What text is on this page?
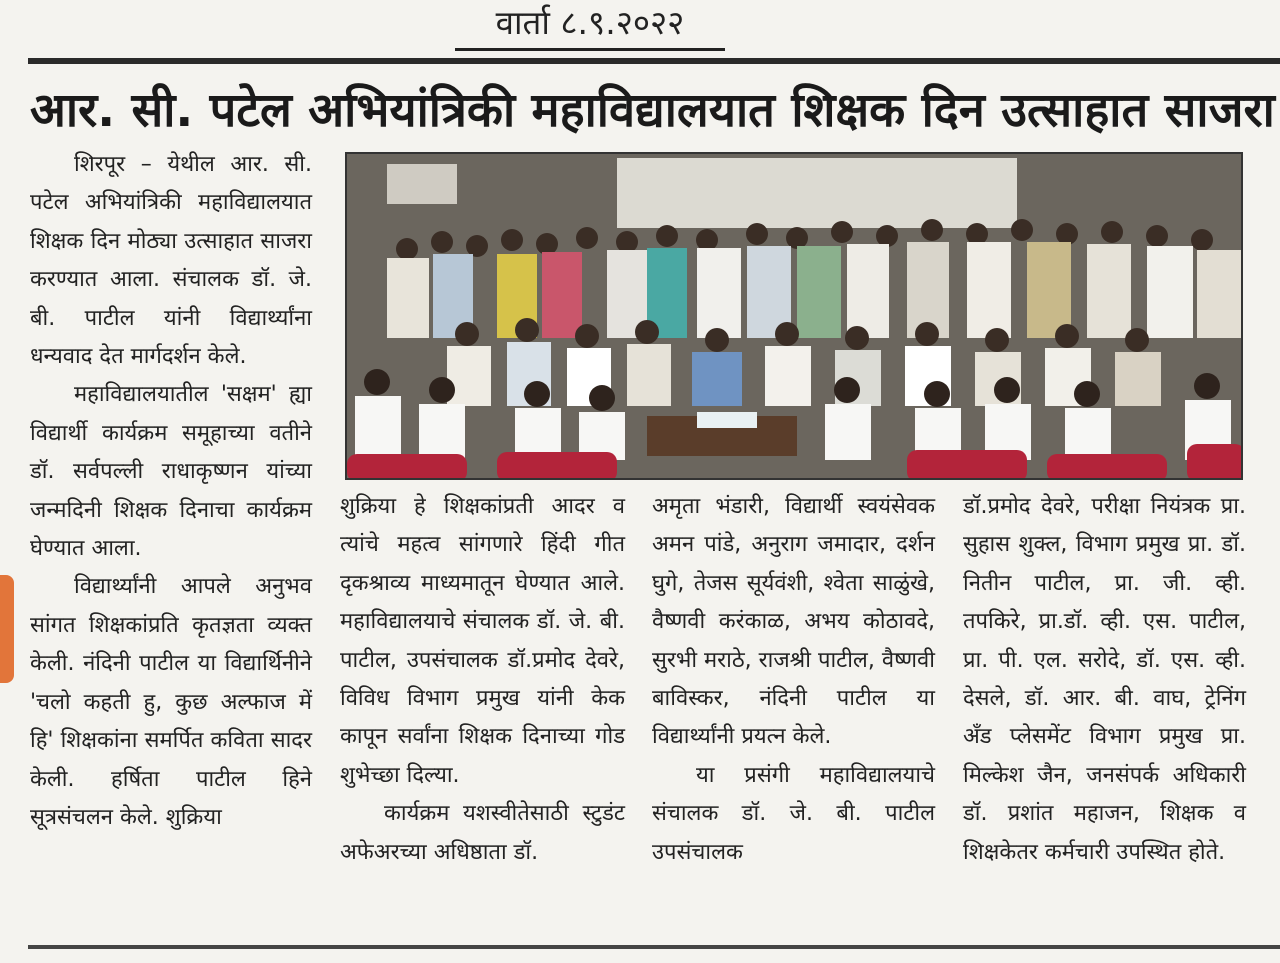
वार्ता ८.९.२०२२
आर. सी. पटेल अभियांत्रिकी महाविद्यालयात शिक्षक दिन उत्साहात साजरा

शिरपूर – येथील आर. सी. पटेल अभियांत्रिकी महाविद्यालयात शिक्षक दिन मोठ्या उत्साहात साजरा करण्यात आला. संचालक डॉ. जे. बी. पाटील यांनी विद्यार्थ्यांना धन्यवाद देत मार्गदर्शन केले.

महाविद्यालयातील 'सक्षम' ह्या विद्यार्थी कार्यक्रम समूहाच्या वतीने डॉ. सर्वपल्ली राधाकृष्णन यांच्या जन्मदिनी शिक्षक दिनाचा कार्यक्रम घेण्यात आला.

विद्यार्थ्यांनी आपले अनुभव सांगत शिक्षकांप्रति कृतज्ञता व्यक्त केली. नंदिनी पाटील या विद्यार्थिनीने 'चलो कहती हु, कुछ अल्फाज में हि' शिक्षकांना समर्पित कविता सादर केली. हर्षिता पाटील हिने सूत्रसंचलन केले. शुक्रिया

शुक्रिया हे शिक्षकांप्रती आदर व त्यांचे महत्व सांगणारे हिंदी गीत दृकश्राव्य माध्यमातून घेण्यात आले. महाविद्यालयाचे संचालक डॉ. जे. बी. पाटील, उपसंचालक डॉ.प्रमोद देवरे, विविध विभाग प्रमुख यांनी केक कापून सर्वांना शिक्षक दिनाच्या गोड शुभेच्छा दिल्या.

कार्यक्रम यशस्वीतेसाठी स्टुडंट अफेअरच्या अधिष्ठाता डॉ.

अमृता भंडारी, विद्यार्थी स्वयंसेवक अमन पांडे, अनुराग जमादार, दर्शन घुगे, तेजस सूर्यवंशी, श्वेता साळुंखे, वैष्णवी करंकाळ, अभय कोठावदे, सुरभी मराठे, राजश्री पाटील, वैष्णवी बाविस्कर, नंदिनी पाटील या विद्यार्थ्यांनी प्रयत्न केले.

या प्रसंगी महाविद्यालयाचे संचालक डॉ. जे. बी. पाटील उपसंचालक

डॉ.प्रमोद देवरे, परीक्षा नियंत्रक प्रा. सुहास शुक्ल, विभाग प्रमुख प्रा. डॉ. नितीन पाटील, प्रा. जी. व्ही. तपकिरे, प्रा.डॉ. व्ही. एस. पाटील, प्रा. पी. एल. सरोदे, डॉ. एस. व्ही. देसले, डॉ. आर. बी. वाघ, ट्रेनिंग अँड प्लेसमेंट विभाग प्रमुख प्रा. मिल्केश जैन, जनसंपर्क अधिकारी डॉ. प्रशांत महाजन, शिक्षक व शिक्षकेतर कर्मचारी उपस्थित होते.
